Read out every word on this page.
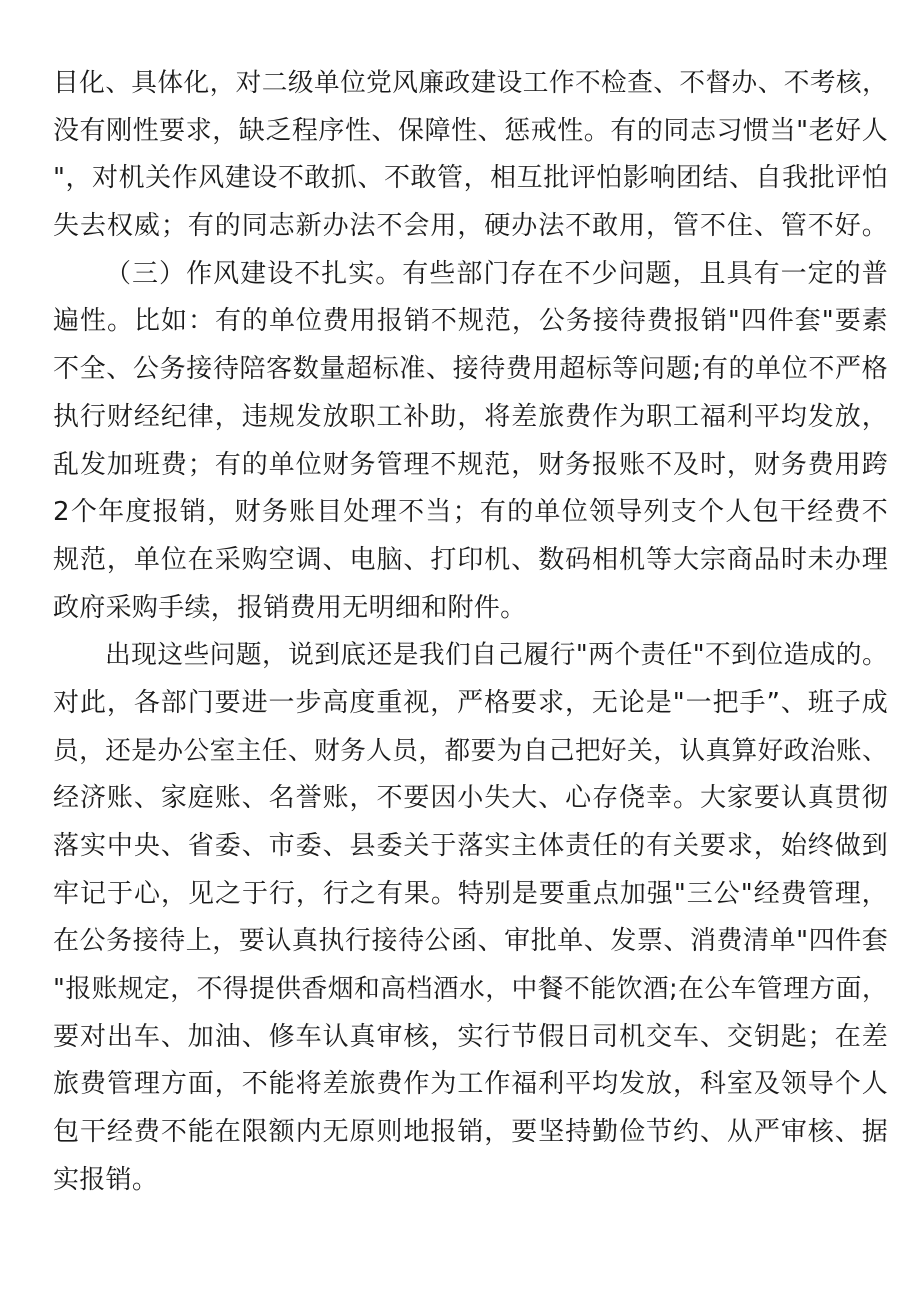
目化、具体化，对二级单位党风廉政建设工作不检查、不督办、不考核，
没有刚性要求，缺乏程序性、保障性、惩戒性。有的同志习惯当"老好人
"，对机关作风建设不敢抓、不敢管，相互批评怕影响团结、自我批评怕
失去权威；有的同志新办法不会用，硬办法不敢用，管不住、管不好。
（三）作风建设不扎实。有些部门存在不少问题，且具有一定的普
遍性。比如：有的单位费用报销不规范，公务接待费报销"四件套"要素
不全、公务接待陪客数量超标准、接待费用超标等问题;有的单位不严格
执行财经纪律，违规发放职工补助，将差旅费作为职工福利平均发放，
乱发加班费；有的单位财务管理不规范，财务报账不及时，财务费用跨
2个年度报销，财务账目处理不当；有的单位领导列支个人包干经费不
规范，单位在采购空调、电脑、打印机、数码相机等大宗商品时未办理
政府采购手续，报销费用无明细和附件。
出现这些问题，说到底还是我们自己履行"两个责任"不到位造成的。
对此，各部门要进一步高度重视，严格要求，无论是"一把手”、班子成
员，还是办公室主任、财务人员，都要为自己把好关，认真算好政治账、
经济账、家庭账、名誉账，不要因小失大、心存侥幸。大家要认真贯彻
落实中央、省委、市委、县委关于落实主体责任的有关要求，始终做到
牢记于心，见之于行，行之有果。特别是要重点加强"三公"经费管理，
在公务接待上，要认真执行接待公函、审批单、发票、消费清单"四件套
"报账规定，不得提供香烟和高档酒水，中餐不能饮酒;在公车管理方面，
要对出车、加油、修车认真审核，实行节假日司机交车、交钥匙；在差
旅费管理方面，不能将差旅费作为工作福利平均发放，科室及领导个人
包干经费不能在限额内无原则地报销，要坚持勤俭节约、从严审核、据
实报销。
